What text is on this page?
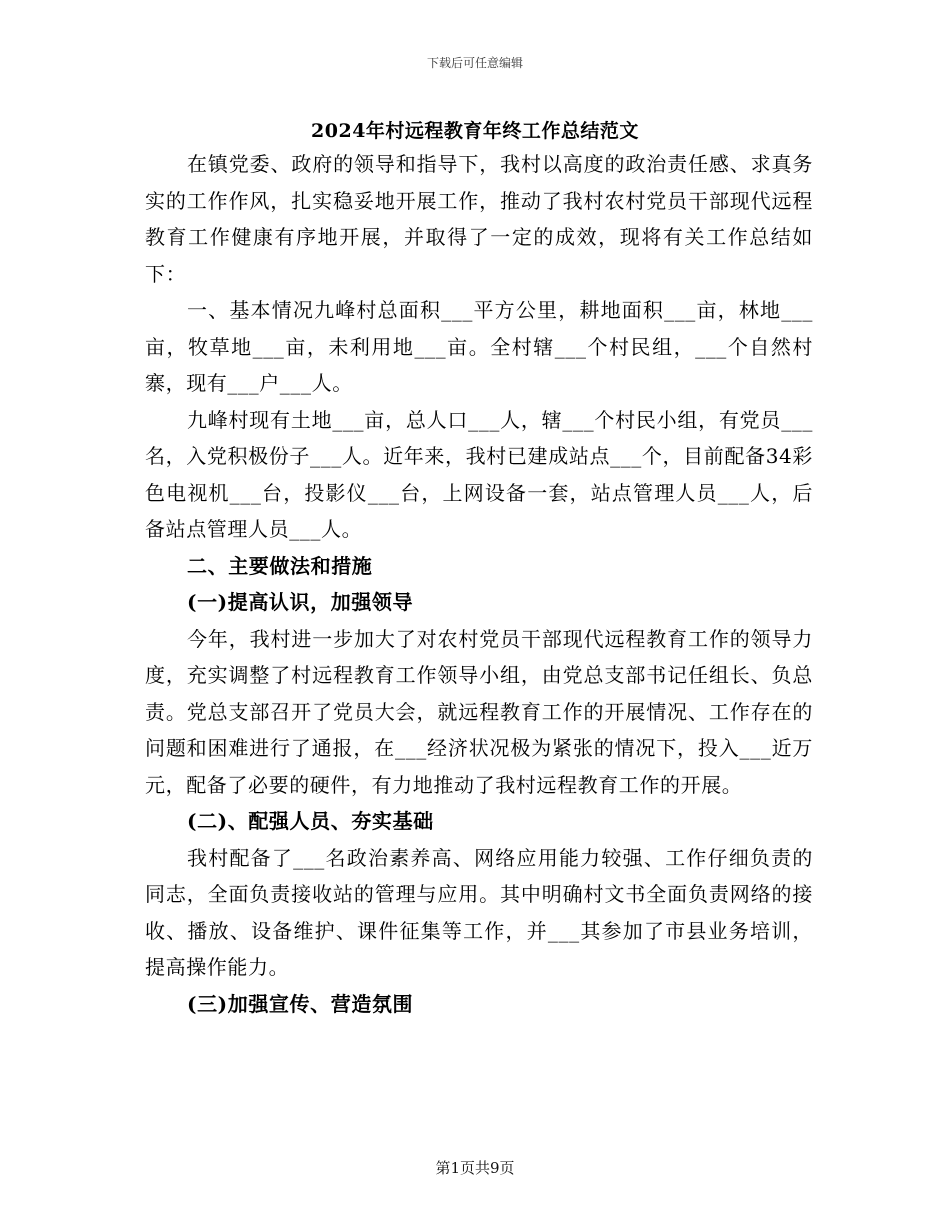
下载后可任意编辑
2024年村远程教育年终工作总结范文

在镇党委、政府的领导和指导下，我村以高度的政治责任感、求真务实的工作作风，扎实稳妥地开展工作，推动了我村农村党员干部现代远程教育工作健康有序地开展，并取得了一定的成效，现将有关工作总结如下：

一、基本情况九峰村总面积___平方公里，耕地面积___亩，林地___亩，牧草地___亩，未利用地___亩。全村辖___个村民组，___个自然村寨，现有___户___人。

九峰村现有土地___亩，总人口___人，辖___个村民小组，有党员___名，入党积极份子___人。近年来，我村已建成站点___个，目前配备34彩色电视机___台，投影仪___台，上网设备一套，站点管理人员___人，后备站点管理人员___人。

二、主要做法和措施

(一)提高认识，加强领导

今年，我村进一步加大了对农村党员干部现代远程教育工作的领导力度，充实调整了村远程教育工作领导小组，由党总支部书记任组长、负总责。党总支部召开了党员大会，就远程教育工作的开展情况、工作存在的问题和困难进行了通报，在___经济状况极为紧张的情况下，投入___近万元，配备了必要的硬件，有力地推动了我村远程教育工作的开展。

(二)、配强人员、夯实基础

我村配备了___名政治素养高、网络应用能力较强、工作仔细负责的同志，全面负责接收站的管理与应用。其中明确村文书全面负责网络的接收、播放、设备维护、课件征集等工作，并___其参加了市县业务培训，提高操作能力。

(三)加强宣传、营造氛围

第1页共9页
